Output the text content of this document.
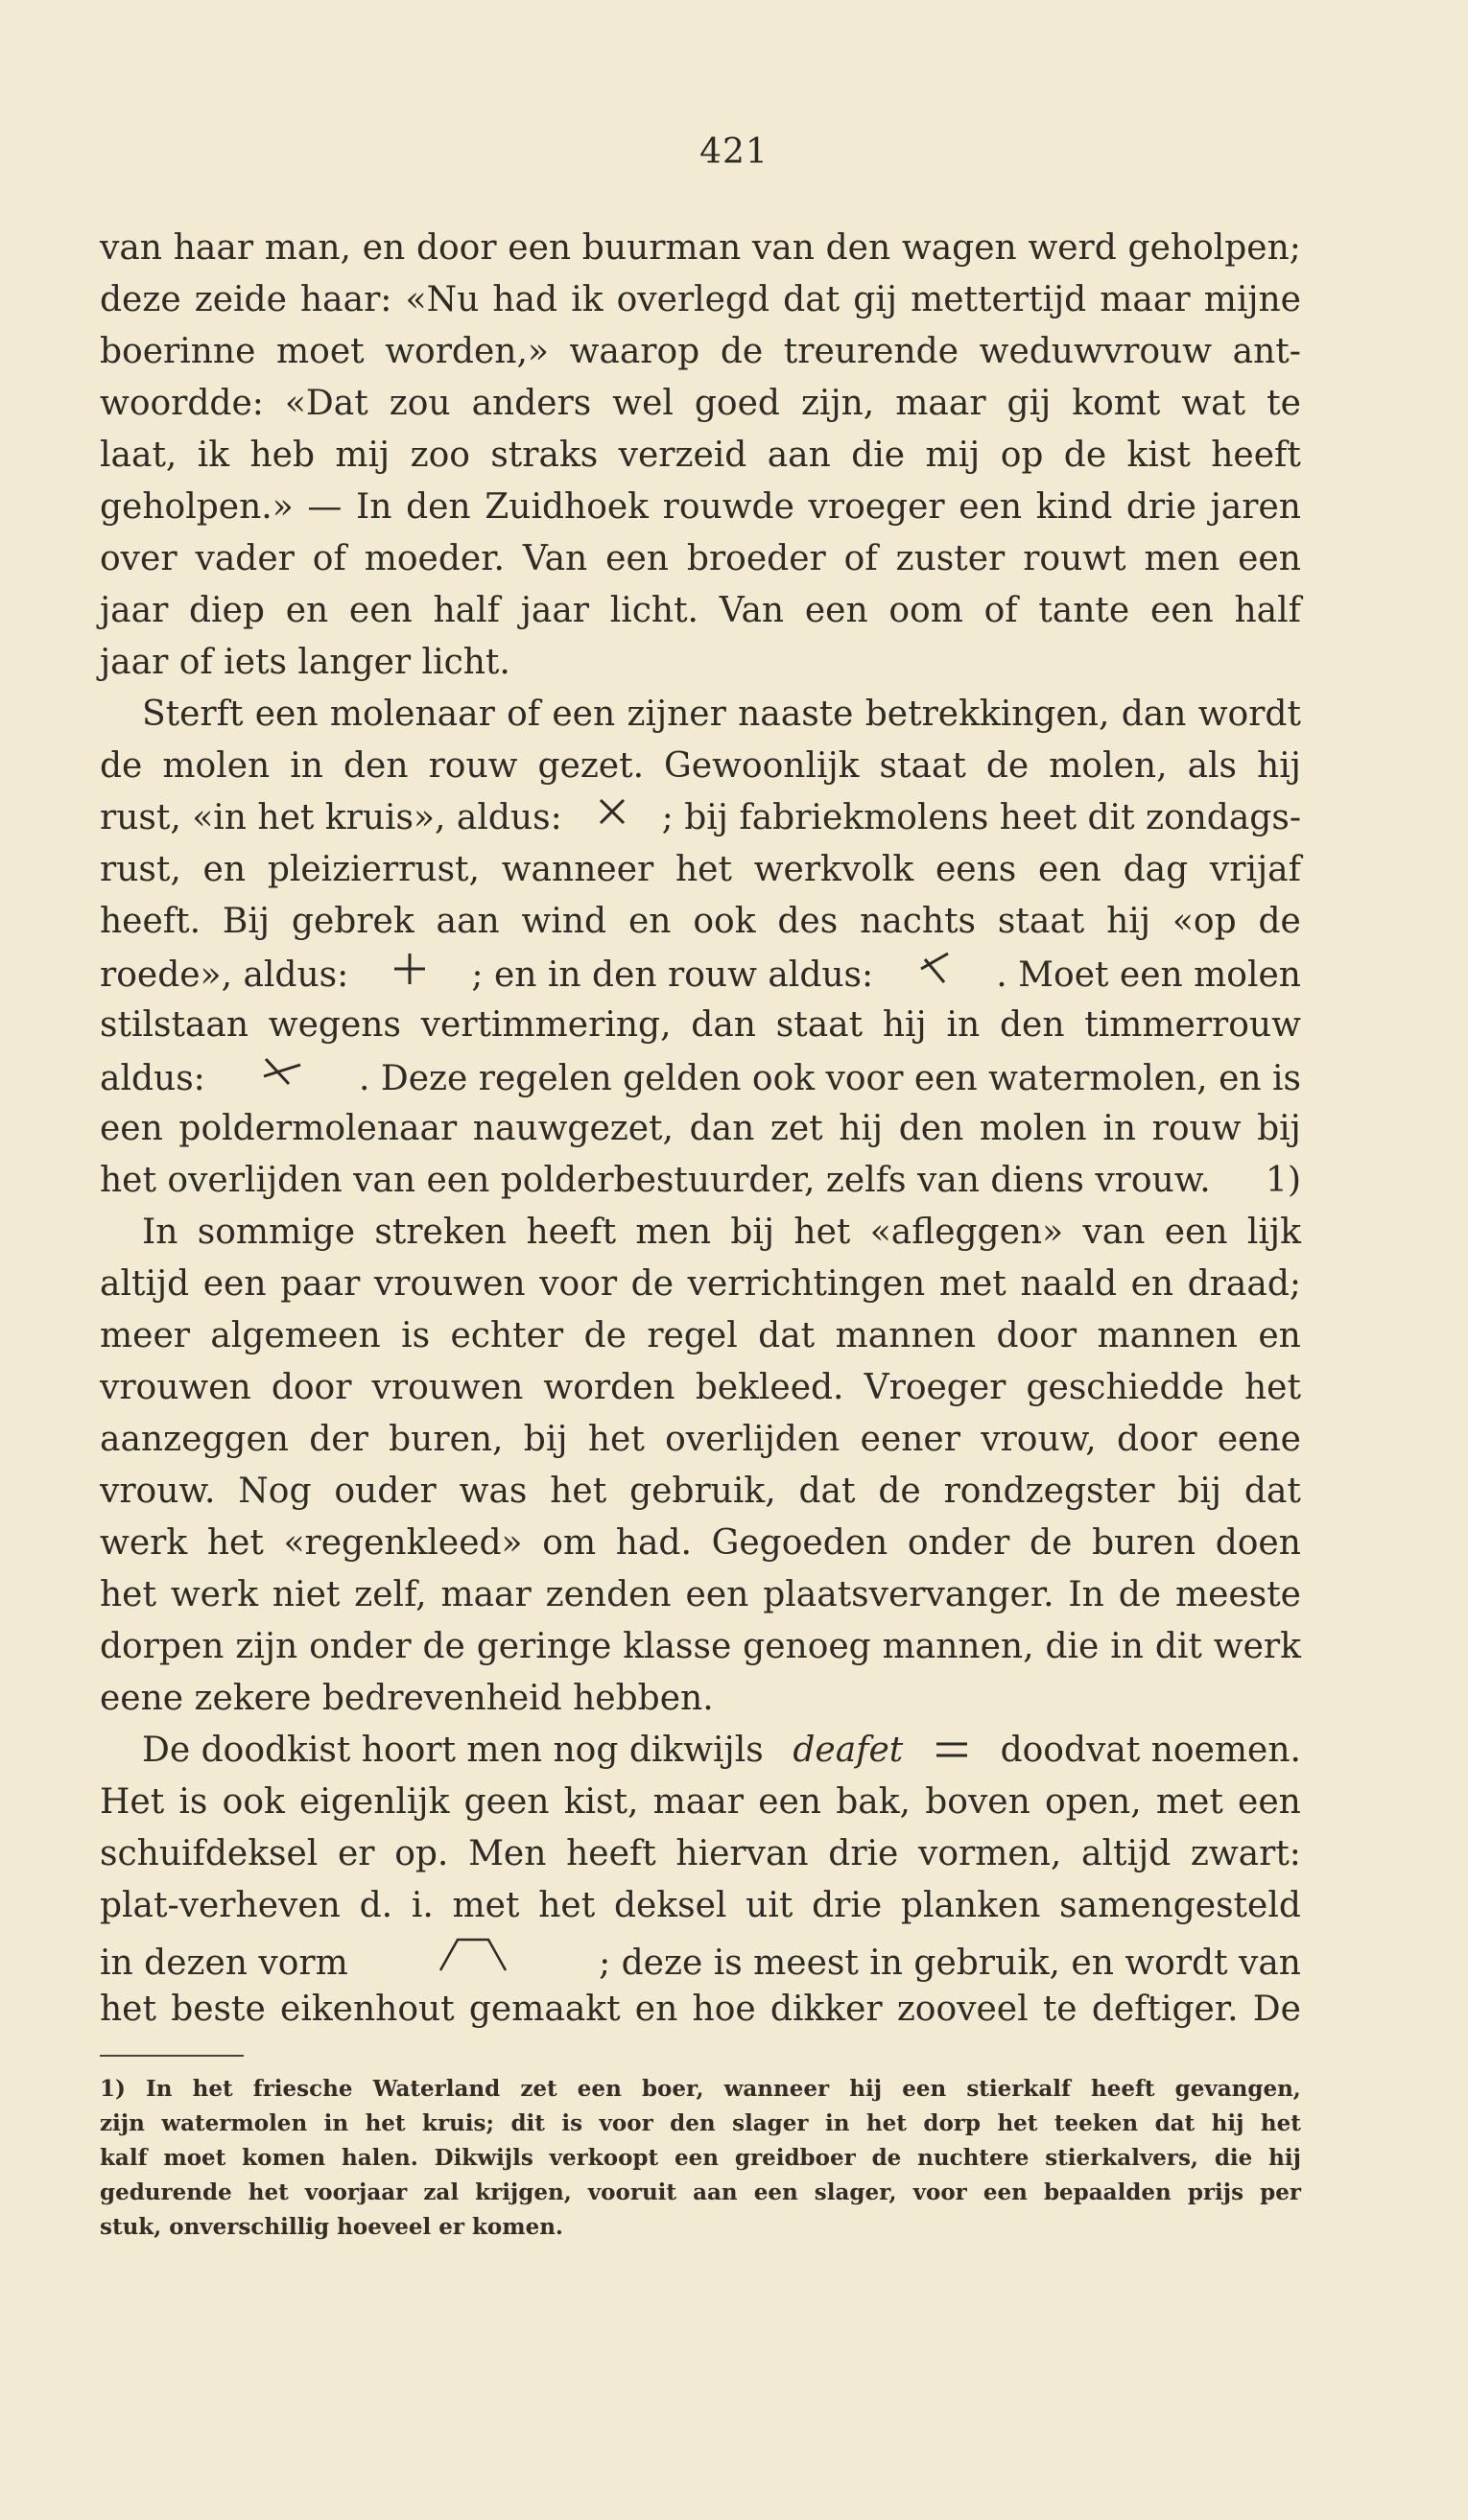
421
van haar man, en door een buurman van den wagen werd geholpen;
deze zeide haar: «Nu had ik overlegd dat gij mettertijd maar mijne
boerinne moet worden,» waarop de treurende weduwvrouw ant-
woordde: «Dat zou anders wel goed zijn, maar gij komt wat te
laat, ik heb mij zoo straks verzeid aan die mij op de kist heeft
geholpen.» — In den Zuidhoek rouwde vroeger een kind drie jaren
over vader of moeder. Van een broeder of zuster rouwt men een
jaar diep en een half jaar licht. Van een oom of tante een half
jaar of iets langer licht.
Sterft een molenaar of een zijner naaste betrekkingen, dan wordt
de molen in den rouw gezet. Gewoonlijk staat de molen, als hij
rust, «in het kruis», aldus:	; bij fabriekmolens heet dit zondags-
rust, en pleizierrust, wanneer het werkvolk eens een dag vrijaf
heeft. Bij gebrek aan wind en ook des nachts staat hij «op de
roede», aldus:	; en in den rouw aldus:	. Moet een molen
stilstaan wegens vertimmering, dan staat hij in den timmerrouw
aldus:	. Deze regelen gelden ook voor een watermolen, en is
een poldermolenaar nauwgezet, dan zet hij den molen in rouw bij
het overlijden van een polderbestuurder, zelfs van diens vrouw. 1)
In sommige streken heeft men bij het «afleggen» van een lijk
altijd een paar vrouwen voor de verrichtingen met naald en draad;
meer algemeen is echter de regel dat mannen door mannen en
vrouwen door vrouwen worden bekleed. Vroeger geschiedde het
aanzeggen der buren, bij het overlijden eener vrouw, door eene
vrouw. Nog ouder was het gebruik, dat de rondzegster bij dat
werk het «regenkleed» om had. Gegoeden onder de buren doen
het werk niet zelf, maar zenden een plaatsvervanger. In de meeste
dorpen zijn onder de geringe klasse genoeg mannen, die in dit werk
eene zekere bedrevenheid hebben.
De doodkist hoort men nog dikwijls deafet	doodvat noemen.
Het is ook eigenlijk geen kist, maar een bak, boven open, met een
schuifdeksel er op. Men heeft hiervan drie vormen, altijd zwart:
plat-verheven d. i. met het deksel uit drie planken samengesteld
in dezen vorm	; deze is meest in gebruik, en wordt van
het beste eikenhout gemaakt en hoe dikker zooveel te deftiger. De
1) In het friesche Waterland zet een boer, wanneer hij een stierkalf heeft gevangen,
zijn watermolen in het kruis; dit is voor den slager in het dorp het teeken dat hij het
kalf moet komen halen. Dikwijls verkoopt een greidboer de nuchtere stierkalvers, die hij
gedurende het voorjaar zal krijgen, vooruit aan een slager, voor een bepaalden prijs per
stuk, onverschillig hoeveel er komen.
